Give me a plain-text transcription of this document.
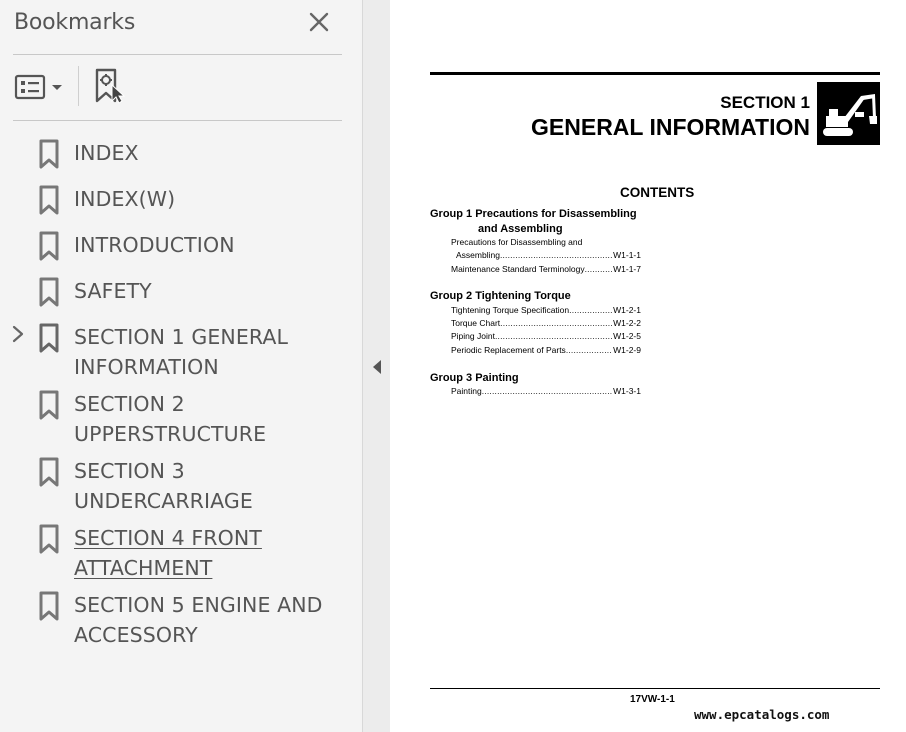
Bookmarks
INDEX
INDEX(W)
INTRODUCTION
SAFETY
SECTION 1 GENERAL
INFORMATION
SECTION 2
UPPERSTRUCTURE
SECTION 3
UNDERCARRIAGE
SECTION 4 FRONT
ATTACHMENT
SECTION 5 ENGINE AND
ACCESSORY
SECTION 1
GENERAL INFORMATION
CONTENTS
Group 1 Precautions for Disassembling
and Assembling
Precautions for Disassembling and
Assembling .....	W1-1-1
Maintenance Standard Terminology .....	W1-1-7
Group 2 Tightening Torque
Tightening Torque Specification .....	W1-2-1
Torque Chart .....	W1-2-2
Piping Joint .....	W1-2-5
Periodic Replacement of Parts .....	W1-2-9
Group 3 Painting
Painting .....	W1-3-1
17VW-1-1
www.epcatalogs.com
